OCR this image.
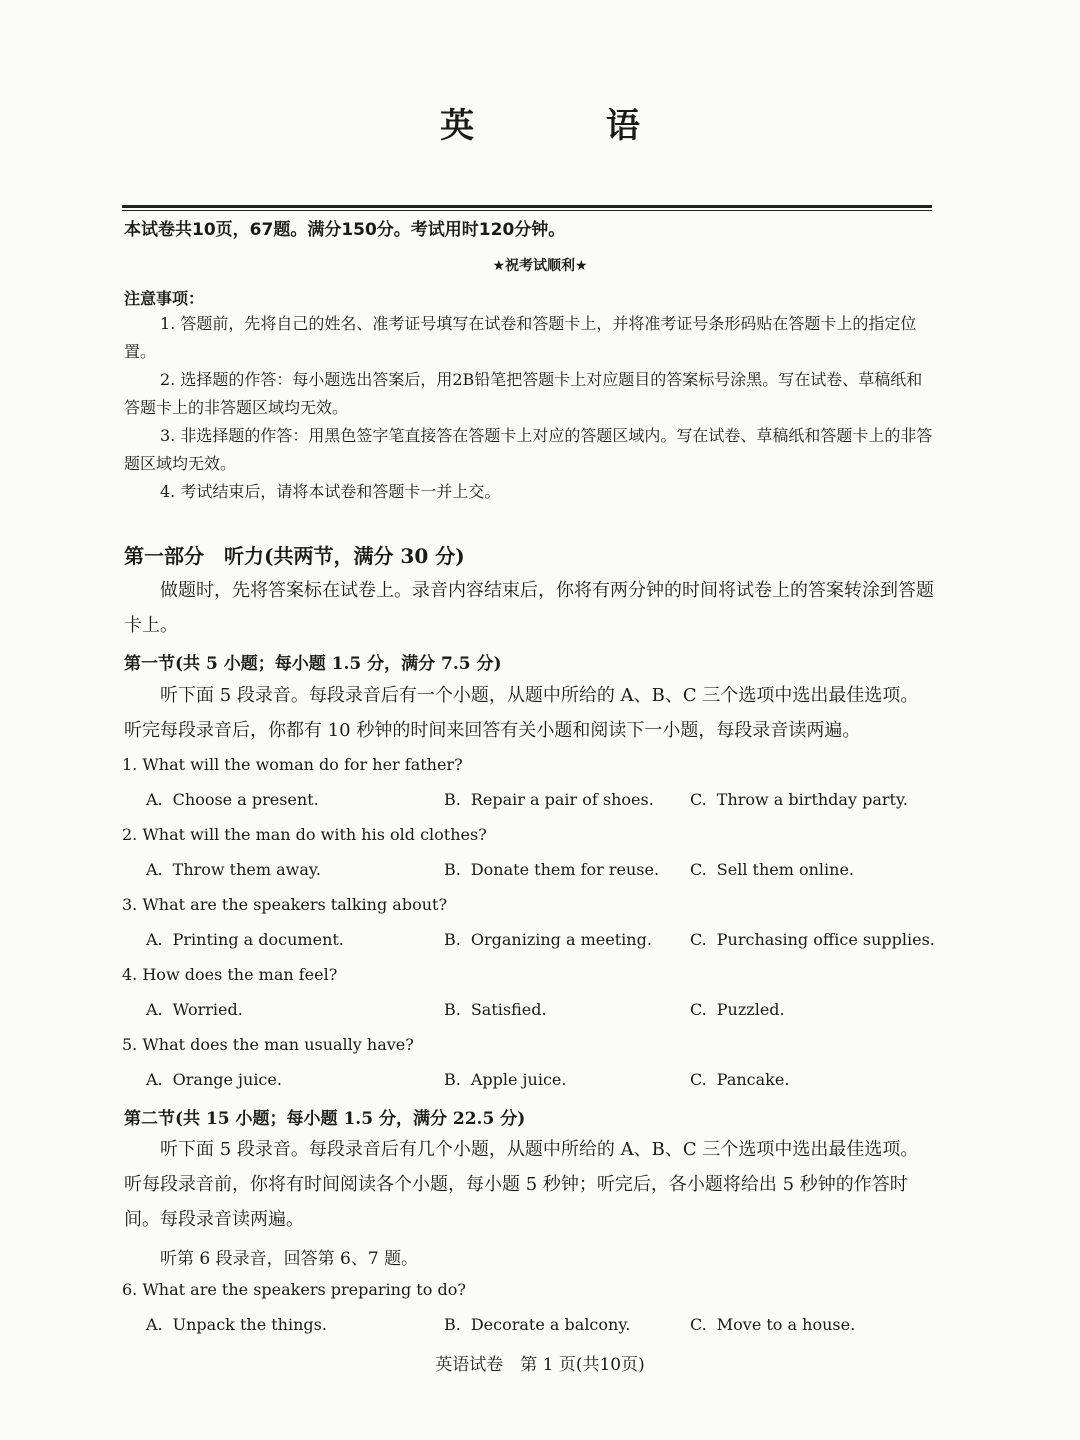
英 语
本试卷共10页，67题。满分150分。考试用时120分钟。
★祝考试顺利★
注意事项：

1. 答题前，先将自己的姓名、准考证号填写在试卷和答题卡上，并将准考证号条形码贴在答题卡上的指定位置。

2. 选择题的作答：每小题选出答案后，用2B铅笔把答题卡上对应题目的答案标号涂黑。写在试卷、草稿纸和答题卡上的非答题区域均无效。

3. 非选择题的作答：用黑色签字笔直接答在答题卡上对应的答题区域内。写在试卷、草稿纸和答题卡上的非答题区域均无效。

4. 考试结束后，请将本试卷和答题卡一并上交。

第一部分　听力(共两节，满分 30 分)
做题时，先将答案标在试卷上。录音内容结束后，你将有两分钟的时间将试卷上的答案转涂到答题卡上。
第一节(共 5 小题；每小题 1.5 分，满分 7.5 分)
听下面 5 段录音。每段录音后有一个小题，从题中所给的 A、B、C 三个选项中选出最佳选项。听完每段录音后，你都有 10 秒钟的时间来回答有关小题和阅读下一小题，每段录音读两遍。
1. What will the woman do for her father?
A. Choose a present.	B. Repair a pair of shoes. C. Throw a birthday party.
2. What will the man do with his old clothes?
A. Throw them away.	B. Donate them for reuse. C. Sell them online.
3. What are the speakers talking about?
A. Printing a document.	B. Organizing a meeting. C. Purchasing office supplies.
4. How does the man feel?
A. Worried.	B. Satisfied.	C. Puzzled.
5. What does the man usually have?
A. Orange juice.	B. Apple juice.	C. Pancake.
第二节(共 15 小题；每小题 1.5 分，满分 22.5 分)
听下面 5 段录音。每段录音后有几个小题，从题中所给的 A、B、C 三个选项中选出最佳选项。听每段录音前，你将有时间阅读各个小题，每小题 5 秒钟；听完后，各小题将给出 5 秒钟的作答时间。每段录音读两遍。
听第 6 段录音，回答第 6、7 题。
6. What are the speakers preparing to do?
A. Unpack the things.	B. Decorate a balcony.	C. Move to a house.
英语试卷　第 1 页(共10页)
